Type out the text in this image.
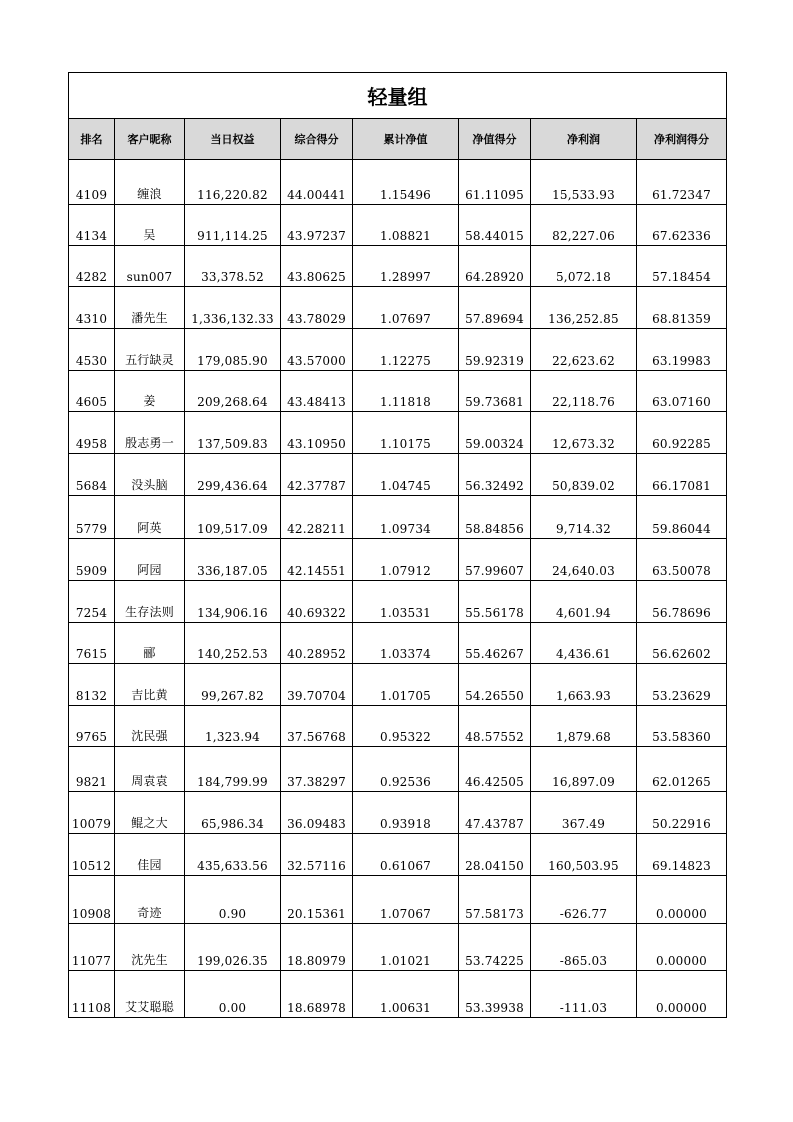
轻量组							
排名	客户昵称	当日权益	综合得分	累计净值	净值得分	净利润	净利润得分
4109	缠浪	116,220.82	44.00441	1.15496	61.11095	15,533.93	61.72347
4134	吴	911,114.25	43.97237	1.08821	58.44015	82,227.06	67.62336
4282	sun007	33,378.52	43.80625	1.28997	64.28920	5,072.18	57.18454
4310	潘先生	1,336,132.33	43.78029	1.07697	57.89694	136,252.85	68.81359
4530	五行缺灵	179,085.90	43.57000	1.12275	59.92319	22,623.62	63.19983
4605	姜	209,268.64	43.48413	1.11818	59.73681	22,118.76	63.07160
4958	殷志勇一	137,509.83	43.10950	1.10175	59.00324	12,673.32	60.92285
5684	没头脑	299,436.64	42.37787	1.04745	56.32492	50,839.02	66.17081
5779	阿英	109,517.09	42.28211	1.09734	58.84856	9,714.32	59.86044
5909	阿园	336,187.05	42.14551	1.07912	57.99607	24,640.03	63.50078
7254	生存法则	134,906.16	40.69322	1.03531	55.56178	4,601.94	56.78696
7615	郦	140,252.53	40.28952	1.03374	55.46267	4,436.61	56.62602
8132	吉比黄	99,267.82	39.70704	1.01705	54.26550	1,663.93	53.23629
9765	沈民强	1,323.94	37.56768	0.95322	48.57552	1,879.68	53.58360
9821	周袁袁	184,799.99	37.38297	0.92536	46.42505	16,897.09	62.01265
10079	鲲之大	65,986.34	36.09483	0.93918	47.43787	367.49	50.22916
10512	佳园	435,633.56	32.57116	0.61067	28.04150	160,503.95	69.14823
10908	奇迹	0.90	20.15361	1.07067	57.58173	-626.77	0.00000
11077	沈先生	199,026.35	18.80979	1.01021	53.74225	-865.03	0.00000
11108	艾艾聪聪	0.00	18.68978	1.00631	53.39938	-111.03	0.00000
